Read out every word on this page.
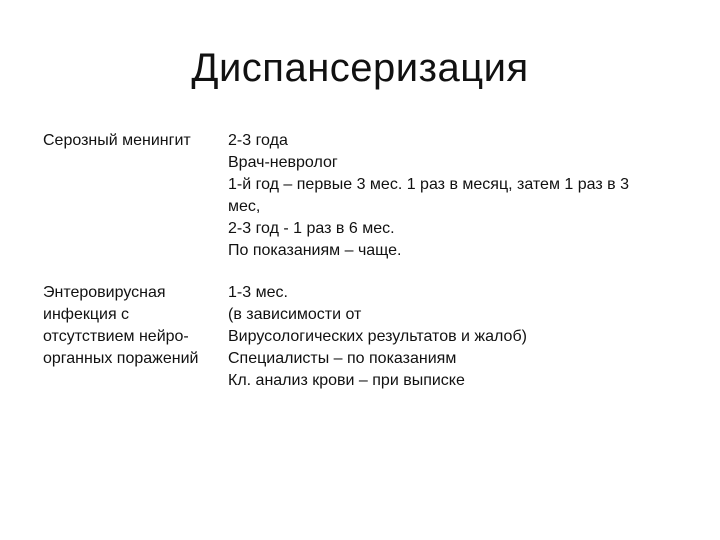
Диспансеризация
Серозный менингит	2-3 года
Врач-невролог
1-й год – первые 3 мес. 1 раз в месяц, затем 1 раз в 3
мес,
2-3 год - 1 раз в 6 мес.
По показаниям – чаще.
Энтеровирусная
инфекция с
отсутствием нейро-
органных поражений
1-3 мес.
(в зависимости от
Вирусологических результатов и жалоб)
Специалисты – по показаниям
Кл. анализ крови – при выписке
